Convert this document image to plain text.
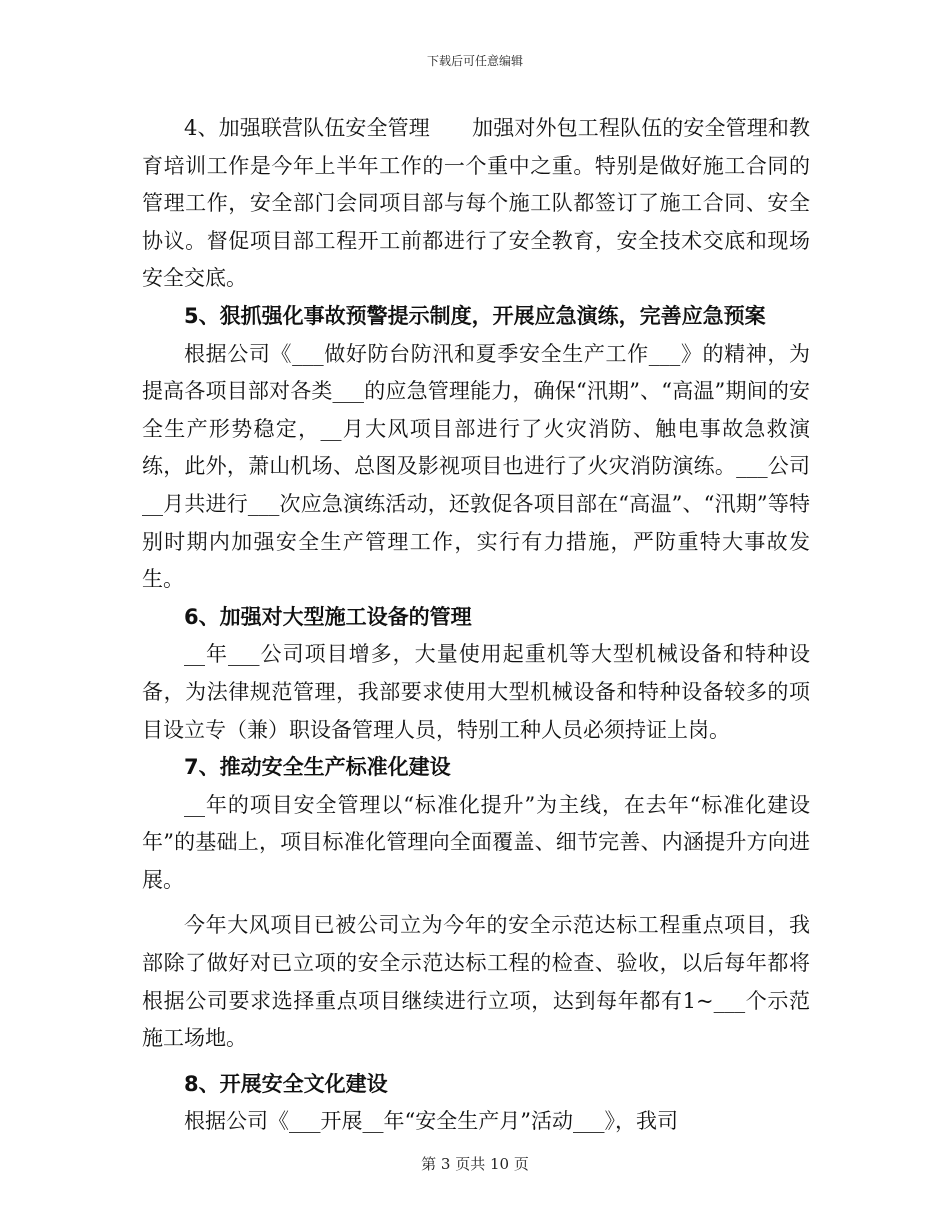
下载后可任意编辑

4、加强联营队伍安全管理　　加强对外包工程队伍的安全管理和教育培训工作是今年上半年工作的一个重中之重。特别是做好施工合同的管理工作，安全部门会同项目部与每个施工队都签订了施工合同、安全协议。督促项目部工程开工前都进行了安全教育，安全技术交底和现场安全交底。

5、狠抓强化事故预警提示制度，开展应急演练，完善应急预案

根据公司《___做好防台防汛和夏季安全生产工作___》的精神，为提高各项目部对各类___的应急管理能力，确保“汛期”、“高温”期间的安全生产形势稳定，__月大风项目部进行了火灾消防、触电事故急救演练，此外，萧山机场、总图及影视项目也进行了火灾消防演练。___公司__月共进行___次应急演练活动，还敦促各项目部在“高温”、“汛期”等特别时期内加强安全生产管理工作，实行有力措施，严防重特大事故发生。

6、加强对大型施工设备的管理

__年___公司项目增多，大量使用起重机等大型机械设备和特种设备，为法律规范管理，我部要求使用大型机械设备和特种设备较多的项目设立专（兼）职设备管理人员，特别工种人员必须持证上岗。

7、推动安全生产标准化建设

__年的项目安全管理以“标准化提升”为主线，在去年“标准化建设年”的基础上，项目标准化管理向全面覆盖、细节完善、内涵提升方向进展。

今年大风项目已被公司立为今年的安全示范达标工程重点项目，我部除了做好对已立项的安全示范达标工程的检查、验收，以后每年都将根据公司要求选择重点项目继续进行立项，达到每年都有1~___个示范施工场地。

8、开展安全文化建设

根据公司《___开展__年“安全生产月”活动___》，我司

第 3 页共 10 页
